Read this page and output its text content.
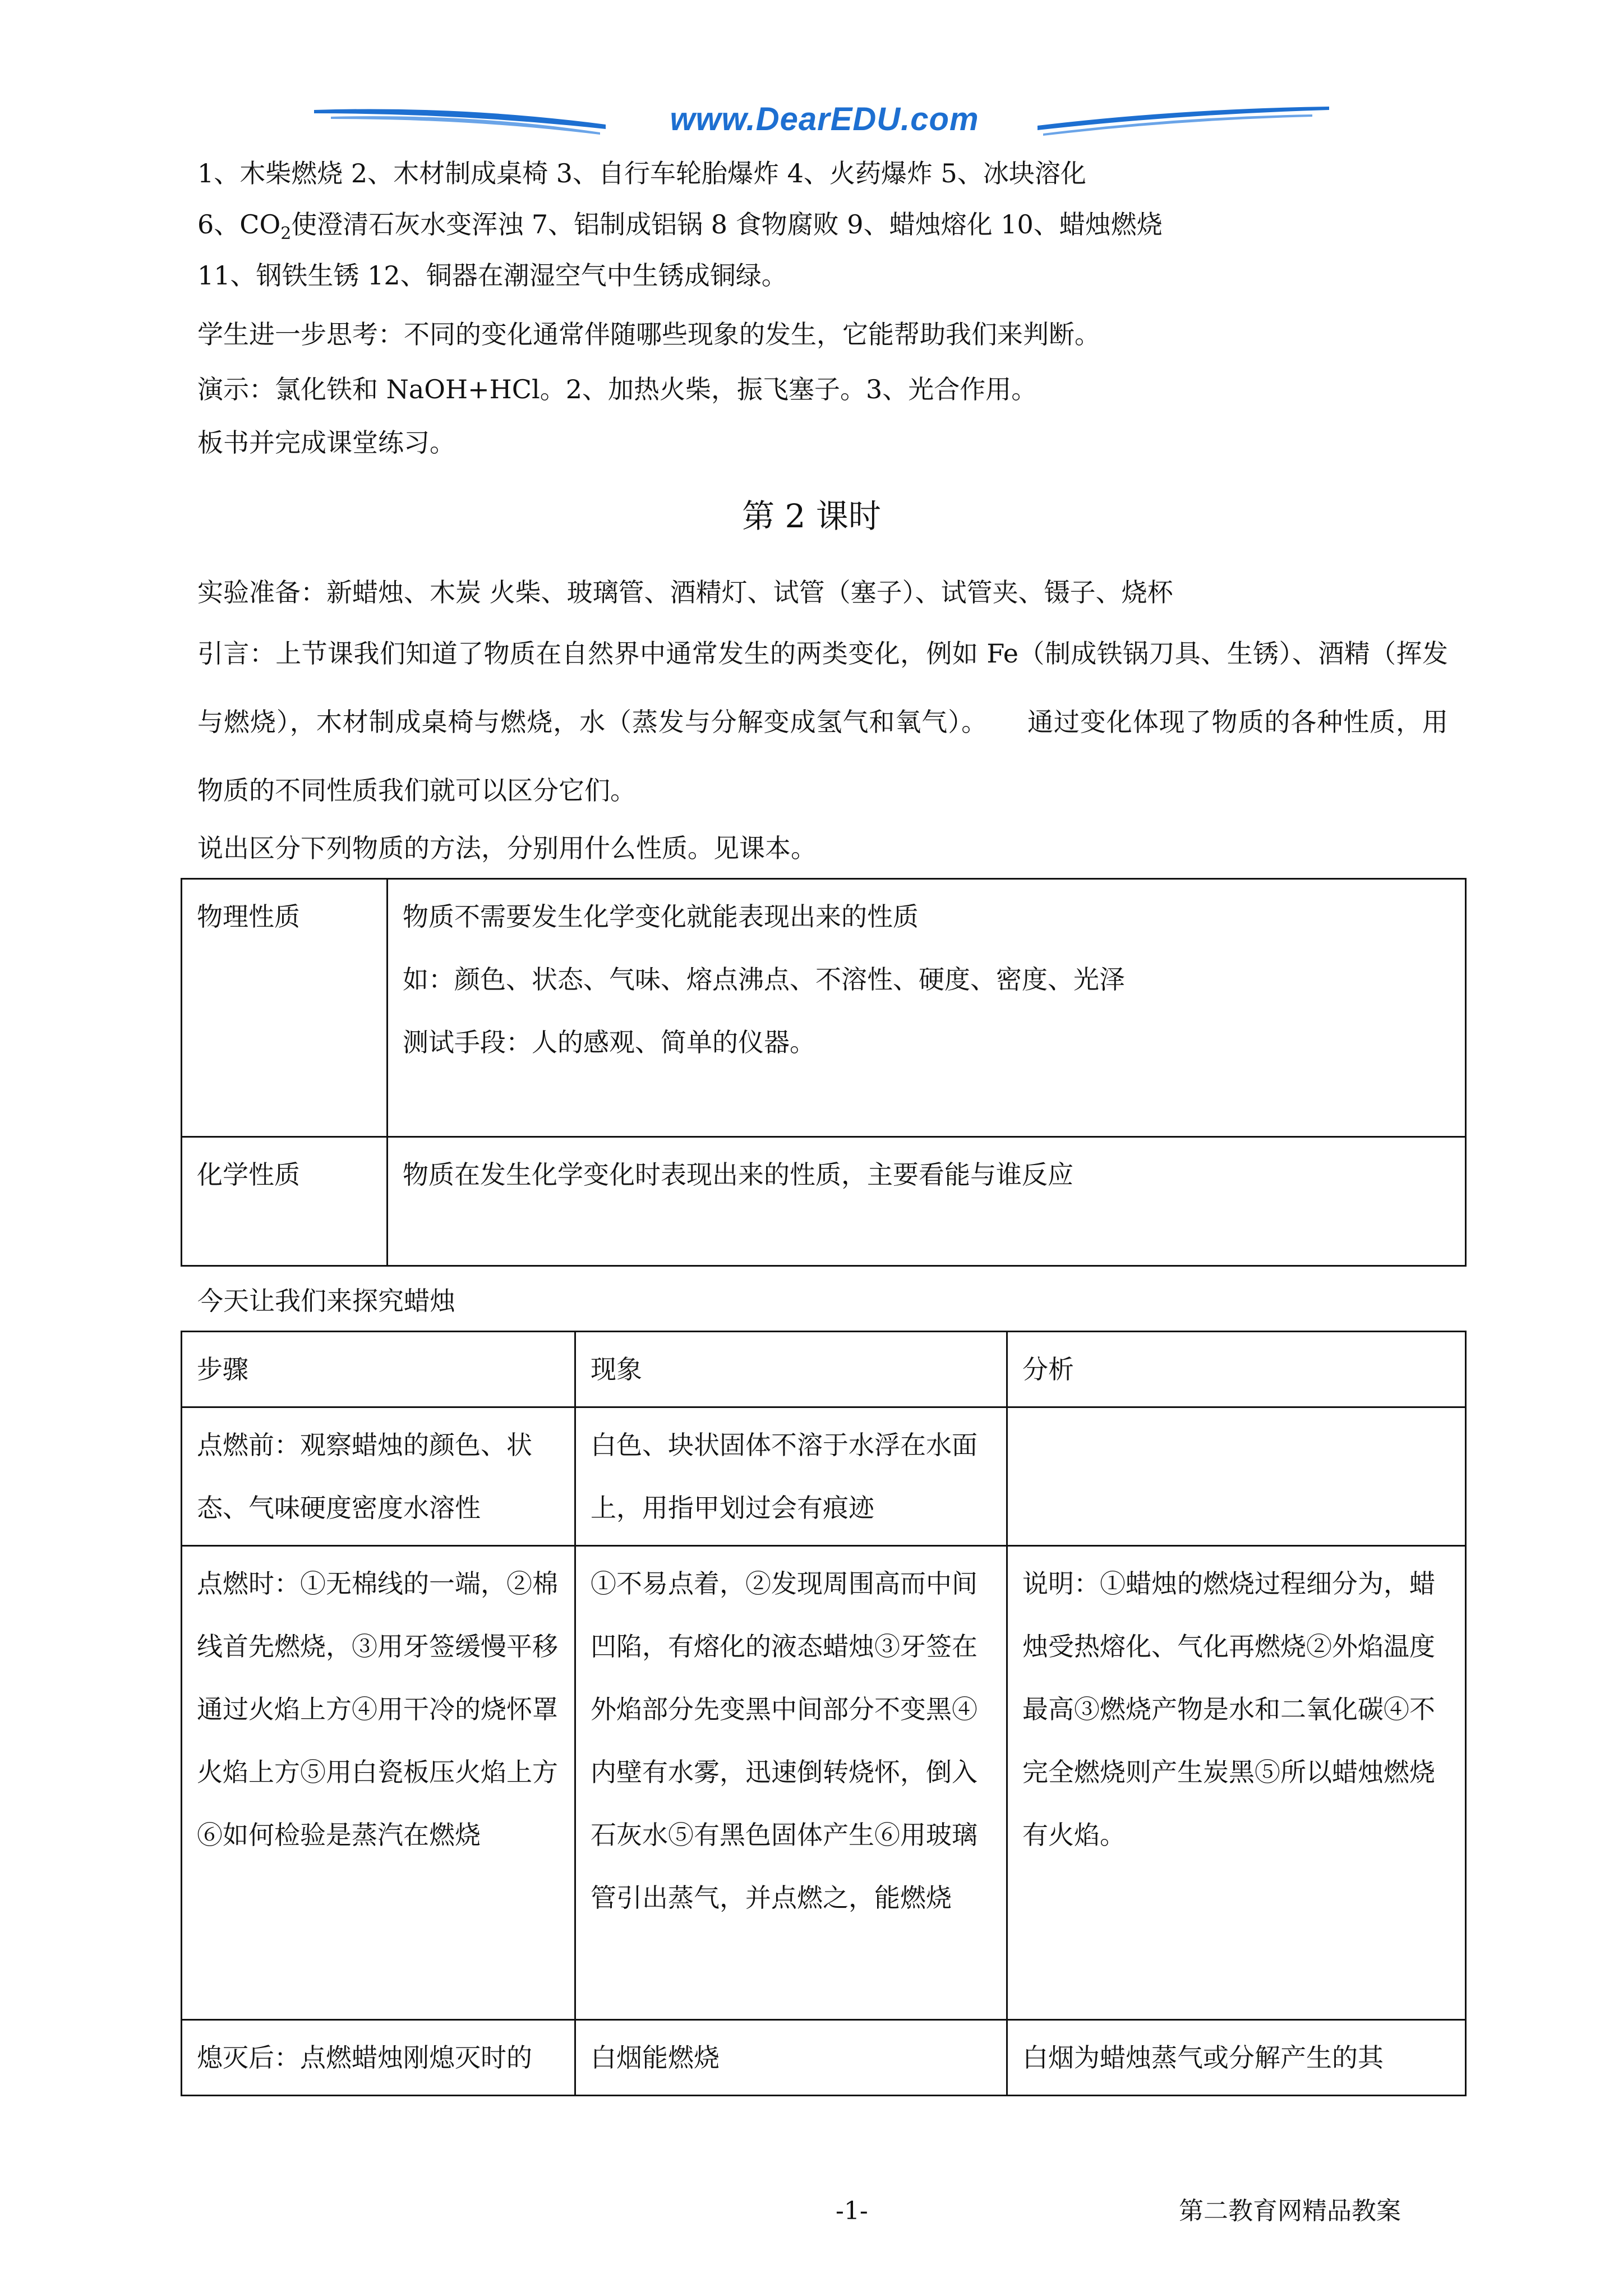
www.DearEDU.com
1、木柴燃烧 2、木材制成桌椅 3、自行车轮胎爆炸 4、火药爆炸 5、冰块溶化
6、$CO_2$使澄清石灰水变浑浊 7、铝制成铝锅 8 食物腐败 9、蜡烛熔化 10、蜡烛燃烧
11、钢铁生锈 12、铜器在潮湿空气中生锈成铜绿。
学生进一步思考：不同的变化通常伴随哪些现象的发生，它能帮助我们来判断。
演示：氯化铁和 NaOH+HCl。2、加热火柴，振飞塞子。3、光合作用。
板书并完成课堂练习。
第 2 课时
实验准备：新蜡烛、木炭 火柴、玻璃管、酒精灯、试管（塞子）、试管夹、镊子、烧杯
引言：上节课我们知道了物质在自然界中通常发生的两类变化，例如 Fe（制成铁锅刀具、生锈）、酒精（挥发与燃烧），木材制成桌椅与燃烧，水（蒸发与分解变成氢气和氧气）。　　通过变化体现了物质的各种性质，用物质的不同性质我们就可以区分它们。
说出区分下列物质的方法，分别用什么性质。见课本。
物理性质	物质不需要发生化学变化就能表现出来的性质
如：颜色、状态、气味、熔点沸点、不溶性、硬度、密度、光泽
测试手段：人的感观、简单的仪器。

化学性质	物质在发生化学变化时表现出来的性质，主要看能与谁反应
今天让我们来探究蜡烛
步骤	现象	分析
点燃前：观察蜡烛的颜色、状态、气味硬度密度水溶性	白色、块状固体不溶于水浮在水面上，用指甲划过会有痕迹	
点燃时：①无棉线的一端，②棉线首先燃烧，③用牙签缓慢平移通过火焰上方④用干冷的烧怀罩火焰上方⑤用白瓷板压火焰上方⑥如何检验是蒸汽在燃烧	①不易点着，②发现周围高而中间凹陷，有熔化的液态蜡烛③牙签在外焰部分先变黑中间部分不变黑④内壁有水雾，迅速倒转烧怀，倒入石灰水⑤有黑色固体产生⑥用玻璃管引出蒸气，并点燃之，能燃烧	说明：①蜡烛的燃烧过程细分为，蜡烛受热熔化、气化再燃烧②外焰温度最高③燃烧产物是水和二氧化碳④不完全燃烧则产生炭黑⑤所以蜡烛燃烧有火焰。
熄灭后：点燃蜡烛刚熄灭时的	白烟能燃烧	白烟为蜡烛蒸气或分解产生的其
-1-	第二教育网精品教案
